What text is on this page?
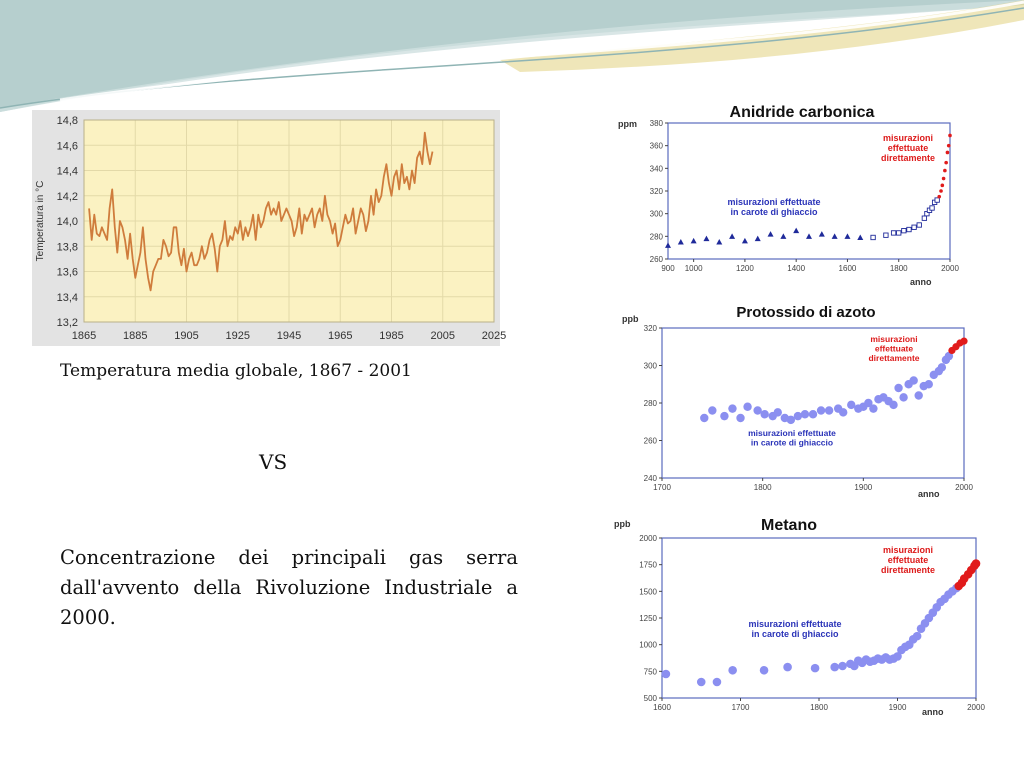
1865 1885 1905 1925 1945 1965 1985 2005 2025
13,2
13,4
13,6
13,8
14,0
14,2
14,4
14,6
14,8
Temperatura in °C	260
280
300
320
340
360
380
1000	1200	1400	1600	1800	2000
900
Anidride carbonica
ppm
anno
misurazioni effettuate
in carote di ghiaccio
misurazioni
effettuate
direttamente
240
260
280
300
320
1700	1800	1900	2000
Protossido di azoto
ppb
anno
misurazioni effettuate
in carote di ghiaccio
misurazioni
effettuate
direttamente
500
750
1000
1250
1500
1750
2000
1600	1700	1800	1900	2000
Metano
ppb
anno
misurazioni effettuate
in carote di ghiaccio
misurazioni
effettuate
direttamente
Temperatura media globale, 1867 - 2001
VS
Concentrazione dei principali gas serra dall'avvento della Rivoluzione Industriale a 2000.
